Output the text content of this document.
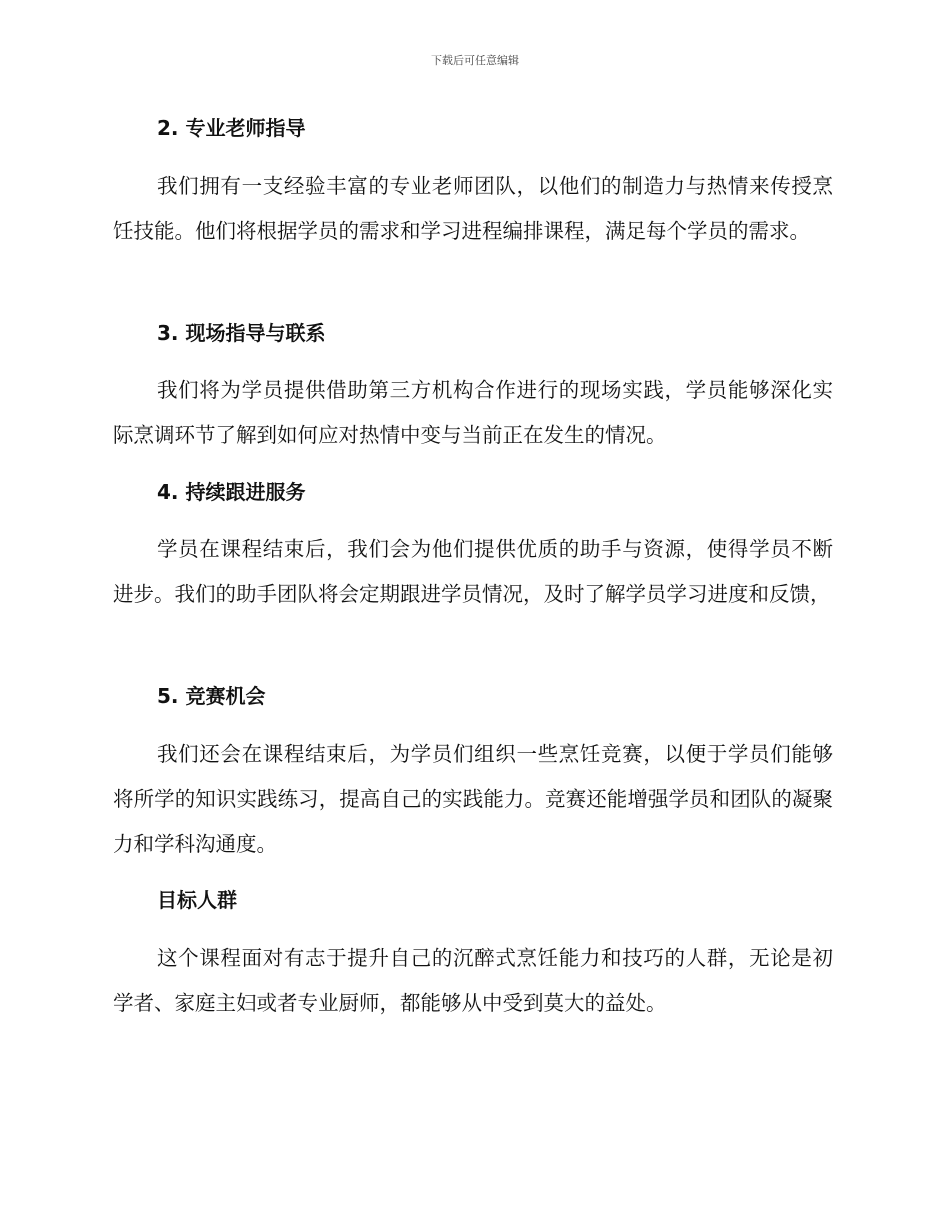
下载后可任意编辑
2. 专业老师指导

我们拥有一支经验丰富的专业老师团队，以他们的制造力与热情来传授烹饪技能。他们将根据学员的需求和学习进程编排课程，满足每个学员的需求。

3. 现场指导与联系

我们将为学员提供借助第三方机构合作进行的现场实践，学员能够深化实际烹调环节了解到如何应对热情中变与当前正在发生的情况。

4. 持续跟进服务

学员在课程结束后，我们会为他们提供优质的助手与资源，使得学员不断进步。我们的助手团队将会定期跟进学员情况，及时了解学员学习进度和反馈，

5. 竞赛机会

我们还会在课程结束后，为学员们组织一些烹饪竞赛，以便于学员们能够将所学的知识实践练习，提高自己的实践能力。竞赛还能增强学员和团队的凝聚力和学科沟通度。

目标人群

这个课程面对有志于提升自己的沉醉式烹饪能力和技巧的人群，无论是初学者、家庭主妇或者专业厨师，都能够从中受到莫大的益处。
